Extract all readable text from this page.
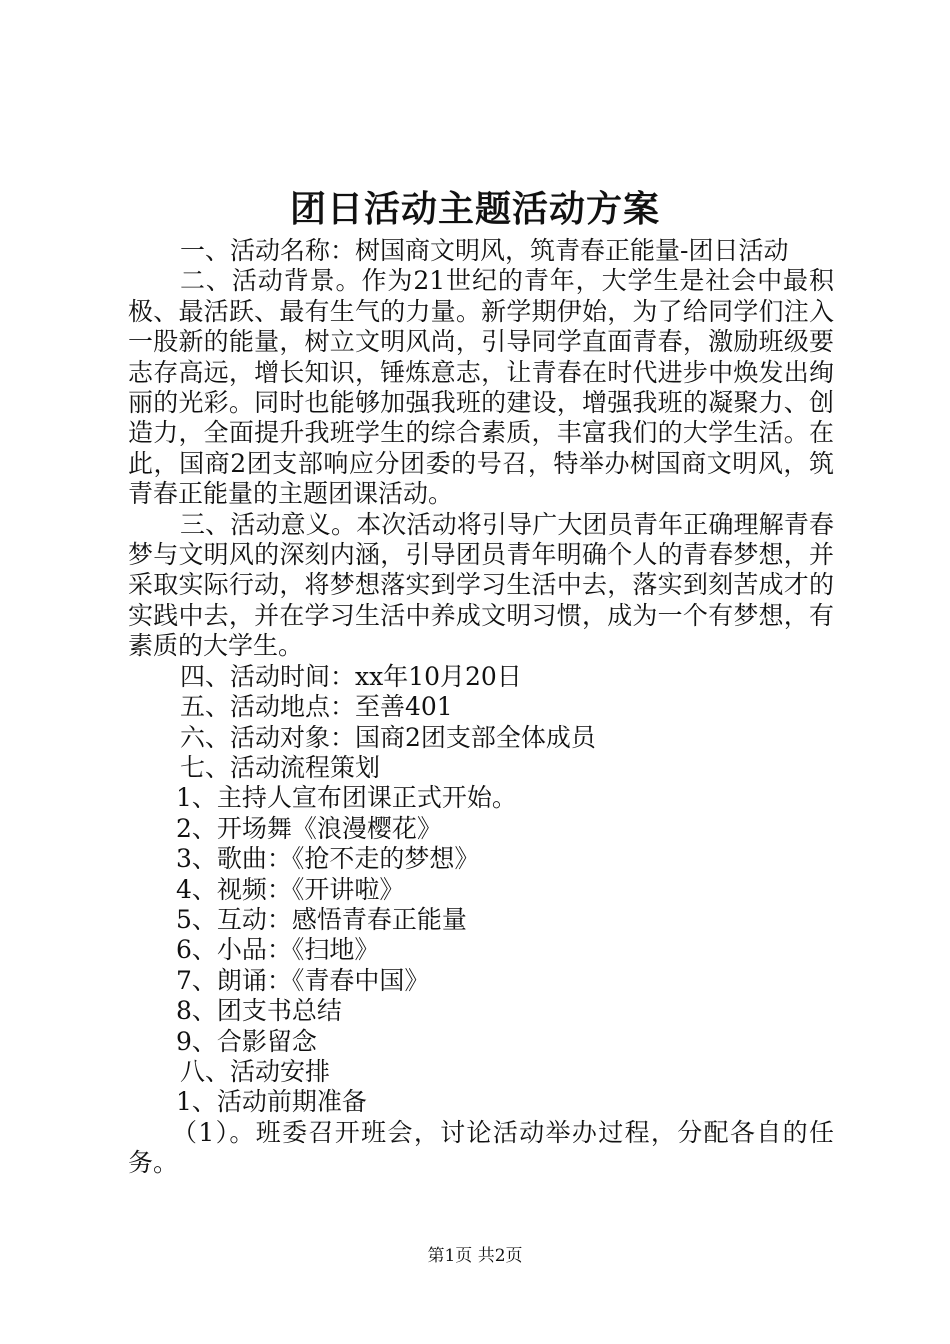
团日活动主题活动方案

一、活动名称：树国商文明风，筑青春正能量-团日活动

二、活动背景。作为21世纪的青年，大学生是社会中最积极、最活跃、最有生气的力量。新学期伊始，为了给同学们注入一股新的能量，树立文明风尚，引导同学直面青春，激励班级要志存高远，增长知识，锤炼意志，让青春在时代进步中焕发出绚丽的光彩。同时也能够加强我班的建设，增强我班的凝聚力、创造力，全面提升我班学生的综合素质，丰富我们的大学生活。在此，国商2团支部响应分团委的号召，特举办树国商文明风，筑青春正能量的主题团课活动。

三、活动意义。本次活动将引导广大团员青年正确理解青春梦与文明风的深刻内涵，引导团员青年明确个人的青春梦想，并采取实际行动，将梦想落实到学习生活中去，落实到刻苦成才的实践中去，并在学习生活中养成文明习惯，成为一个有梦想，有素质的大学生。

四、活动时间：xx年10月20日

五、活动地点：至善401

六、活动对象：国商2团支部全体成员

七、活动流程策划

1、主持人宣布团课正式开始。

2、开场舞《浪漫樱花》

3、歌曲：《抢不走的梦想》

4、视频：《开讲啦》

5、互动：感悟青春正能量

6、小品：《扫地》

7、朗诵：《青春中国》

8、团支书总结

9、合影留念

八、活动安排

1、活动前期准备

（1）。班委召开班会，讨论活动举办过程，分配各自的任务。

第1页 共2页
